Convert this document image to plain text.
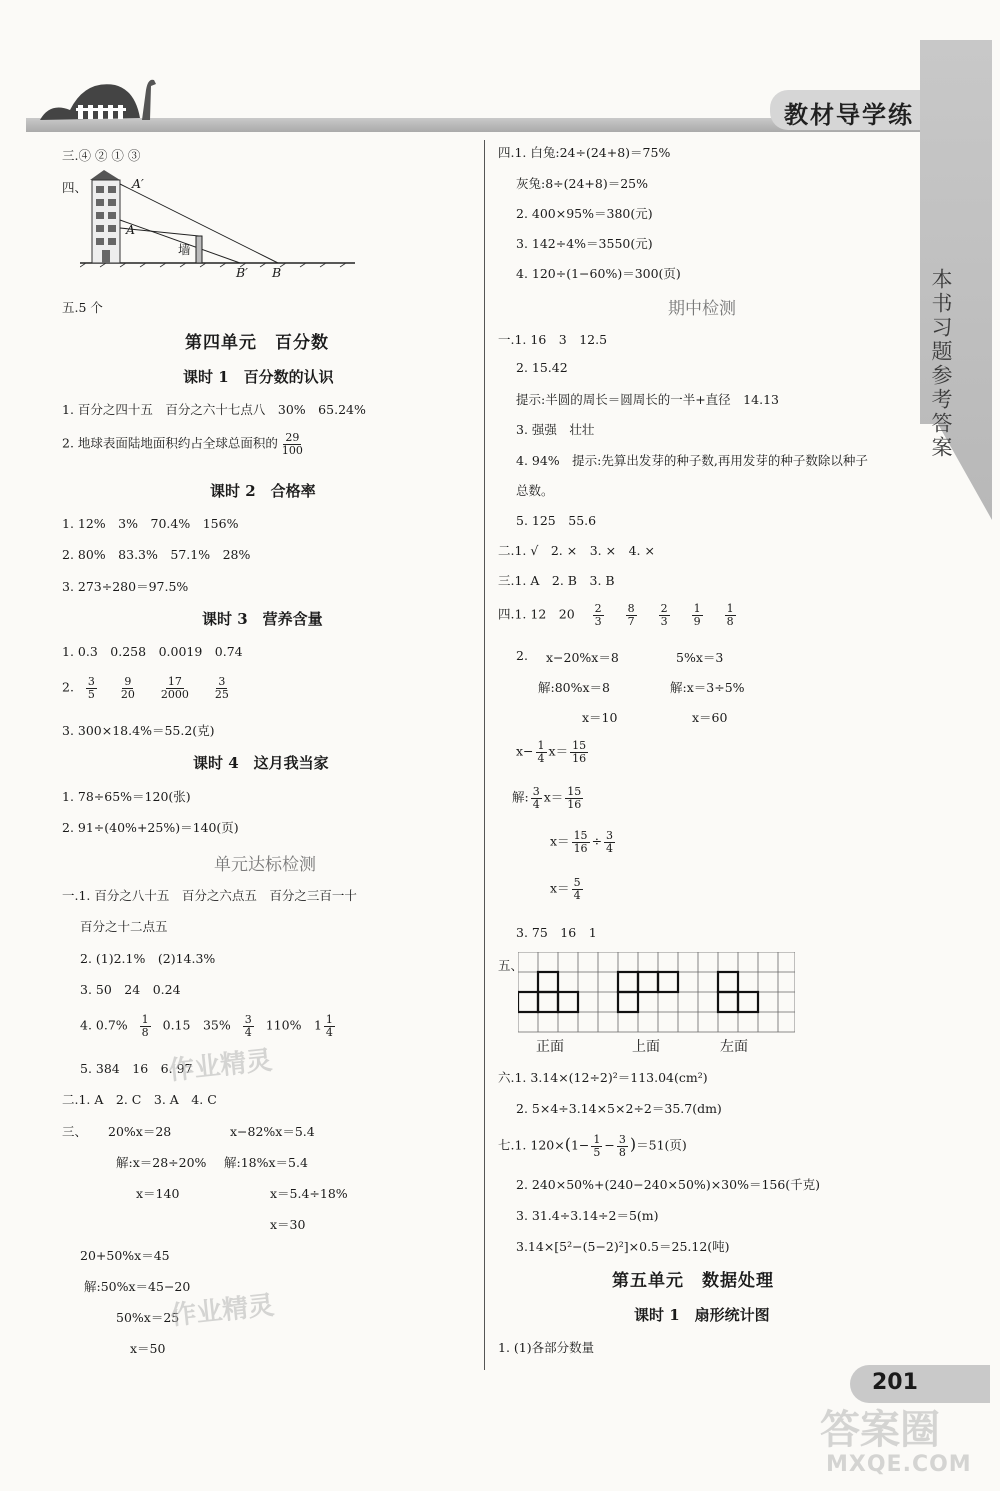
教材导学练
本书习题参考答案
三.④ ② ① ③
四、	A′
A
墙
B′ B
五.5 个
第四单元　百分数
课时 1　百分数的认识
1. 百分之四十五　百分之六十七点八　30%　65.24%
2. 地球表面陆地面积约占全球总面积的 $\frac{29}{100}$
课时 2　合格率
1. 12%　3%　70.4%　156%
2. 80%　83.3%　57.1%　28%
3. 273÷280＝97.5%
课时 3　营养含量
1. 0.3　0.258　0.0019　0.74
2. $\frac{3}{5}$
$\frac{9}{20}$
$\frac{17}{2000}$
$\frac{3}{25}$
3. 300×18.4%＝55.2(克)
课时 4　这月我当家
1. 78÷65%＝120(张)
2. 91÷(40%+25%)＝140(页)
单元达标检测
一.1. 百分之八十五　百分之六点五　百分之三百一十
百分之十二点五
2. (1)2.1%　(2)14.3%
3. 50　24　0.24
4. $0.7\% \frac{1}{8} 0.15$　$35\% \frac{3}{4} 110\%$　$1 \frac{1}{4}$
5. 384　16　6. 97
二.1. A　2. C　3. A　4. C
三、 20%x＝28
解:x＝28÷20%
x＝140
x−82%x＝5.4
解:18%x＝5.4
x＝5.4÷18%
x＝30
20+50%x＝45
解:50%x＝45−20
50%x＝25
x＝50
四.1. 白兔:24÷(24+8)＝75%
灰兔:8÷(24+8)＝25%
2. 400×95%＝380(元)
3. 142÷4%＝3550(元)
4. 120÷(1−60%)＝300(页)
期中检测
一.1. 16　3　12.5
2. 15.42
提示:半圆的周长＝圆周长的一半+直径　14.13
3. 强强　壮壮
4. 94%　提示:先算出发芽的种子数,再用发芽的种子数除以种子
总数。
5. 125　55.6
二.1. √　2. ×　3. ×　4. ×
三.1. A　2. B　3. B
四.1. 12　$20 \frac{2}{3}$
$\frac{8}{7}$
$\frac{2}{3}$
$\frac{1}{9}$
$\frac{1}{8}$
2. x−20%x＝8
解:80%x＝8
x＝10
5%x＝3
解:x＝3÷5%
x＝60
$x- \frac{1}{4} x= \frac{15}{16}$
解: $\frac{3}{4} x= \frac{15}{16}$
$x= \frac{15}{16} \div \frac{3}{4}$
$x= \frac{5}{4}$
3. 75　16　1
五、
正面	上面	左面
六.1. 3.14×(12÷2)²＝113.04(cm²)
2. 5×4÷3.14×5×2÷2＝35.7(dm)
七.1. $120\times(1- \frac{1}{5} - \frac{3}{8} )=51$(页)
2. 240×50%+(240−240×50%)×30%＝156(千克)
3. 31.4÷3.14÷2＝5(m)
3.14×[5²−(5−2)²]×0.5＝25.12(吨)
第五单元　数据处理
课时 1　扇形统计图
1. (1)各部分数量
201
作业精灵
作业精灵
答案圈
MXQE.COM
